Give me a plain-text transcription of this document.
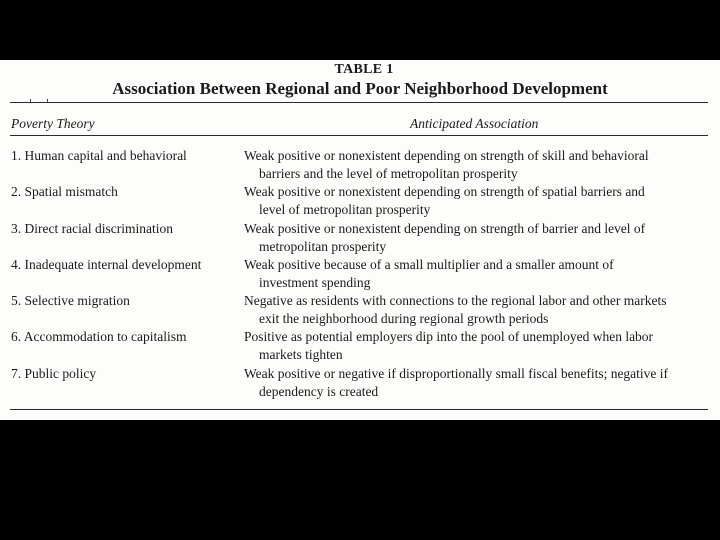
TABLE 1
Association Between Regional and Poor Neighborhood Development
Poverty Theory	Anticipated Association
1. Human capital and behavioral	Weak positive or nonexistent depending on strength of skill and behavioral
barriers and the level of metropolitan prosperity
2. Spatial mismatch	Weak positive or nonexistent depending on strength of spatial barriers and
level of metropolitan prosperity
3. Direct racial discrimination	Weak positive or nonexistent depending on strength of barrier and level of
metropolitan prosperity
4. Inadequate internal development	Weak positive because of a small multiplier and a smaller amount of
investment spending
5. Selective migration	Negative as residents with connections to the regional labor and other markets
exit the neighborhood during regional growth periods
6. Accommodation to capitalism	Positive as potential employers dip into the pool of unemployed when labor
markets tighten
7. Public policy	Weak positive or negative if disproportionally small fiscal benefits; negative if
dependency is created
